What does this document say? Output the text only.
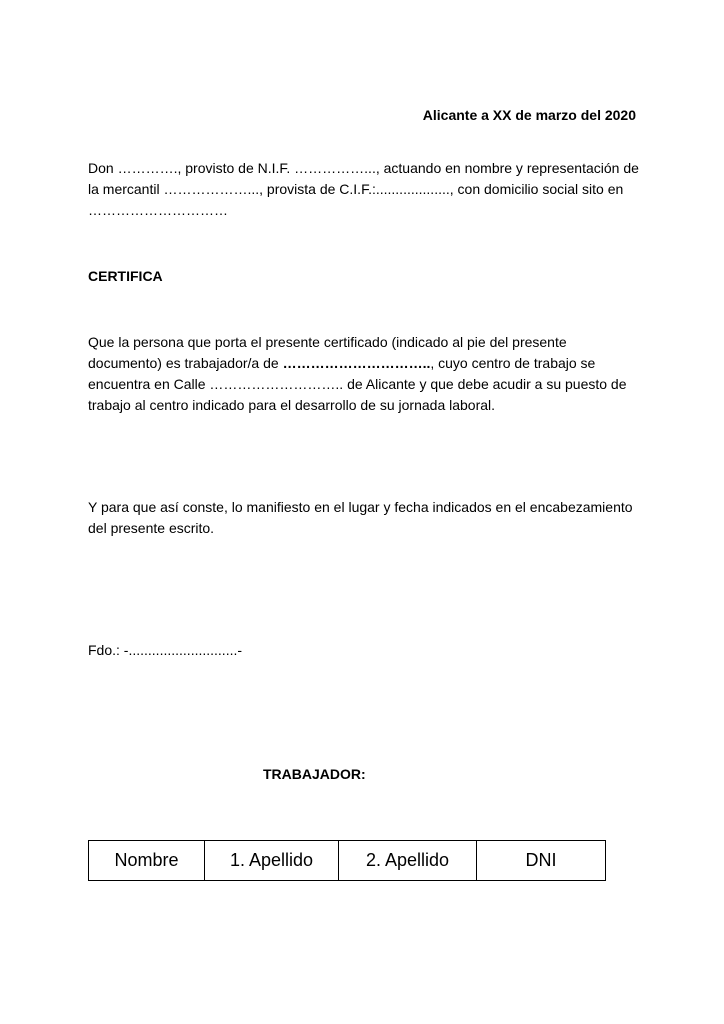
Alicante a XX de marzo del 2020
Don …………., provisto de N.I.F. ……………..., actuando en nombre y representación de la mercantil ………………..., provista de C.I.F.:..................., con domicilio social sito en …………………………
CERTIFICA
Que la persona que porta el presente certificado (indicado al pie del presente documento) es trabajador/a de ………………………….., cuyo centro de trabajo se encuentra en Calle ……………………….. de Alicante y que debe acudir a su puesto de trabajo al centro indicado para el desarrollo de su jornada laboral.
Y para que así conste, lo manifiesto en el lugar y fecha indicados en el encabezamiento del presente escrito.
Fdo.: -............................-
TRABAJADOR:
Nombre	1. Apellido	2. Apellido	DNI
